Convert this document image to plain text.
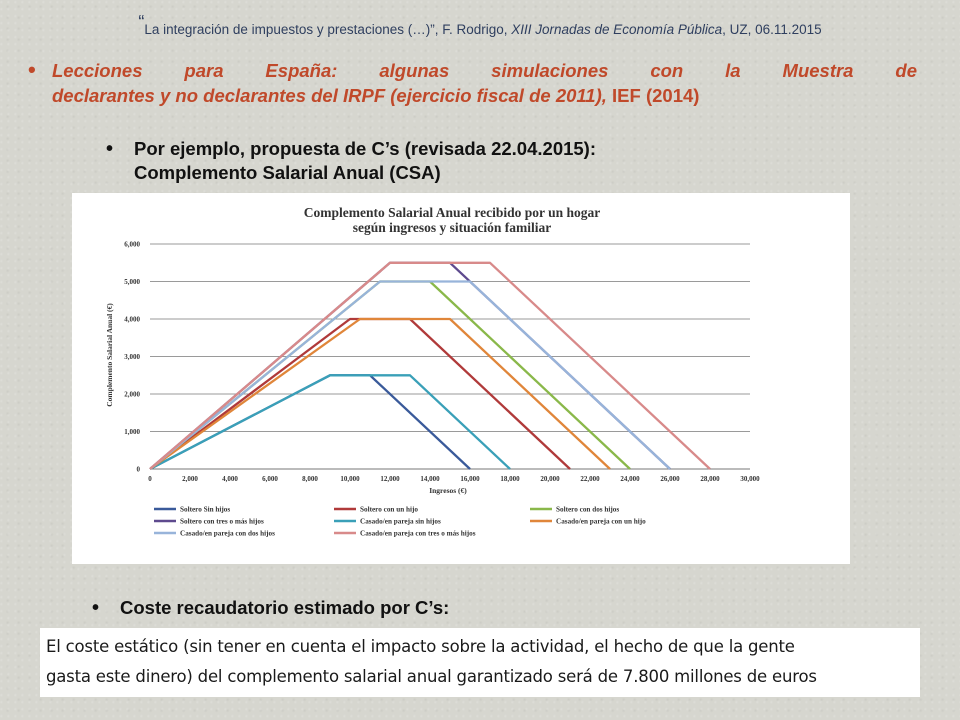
“La integración de impuestos y prestaciones (…)”, F. Rodrigo, XIII Jornadas de Economía Pública, UZ, 06.11.2015
• Lecciones para España: algunas simulaciones con la Muestra de
declarantes y no declarantes del IRPF (ejercicio fiscal de 2011), IEF (2014)
• Por ejemplo, propuesta de C’s (revisada 22.04.2015):
Complemento Salarial Anual (CSA)
Complemento Salarial Anual recibido por un hogar
según ingresos y situación familiar
0
1,000
2,000
3,000
4,000
5,000
6,000
0	2,000	4,000	6,000	8,000	10,000	12,000	14,000	16,000	18,000	20,000	22,000	24,000	26,000	28,000	30,000
Ingresos (€)
Complemento Salarial Anual (€)
Soltero Sin hijos	Soltero con un hijo	Soltero con dos hijos
Soltero con tres o más hijos	Casado/en pareja sin hijos	Casado/en pareja con un hijo
Casado/en pareja con dos hijos	Casado/en pareja con tres o más hijos
• Coste recaudatorio estimado por C’s:
El coste estático (sin tener en cuenta el impacto sobre la actividad, el hecho de que la gente
gasta este dinero) del complemento salarial anual garantizado será de 7.800 millones de euros
